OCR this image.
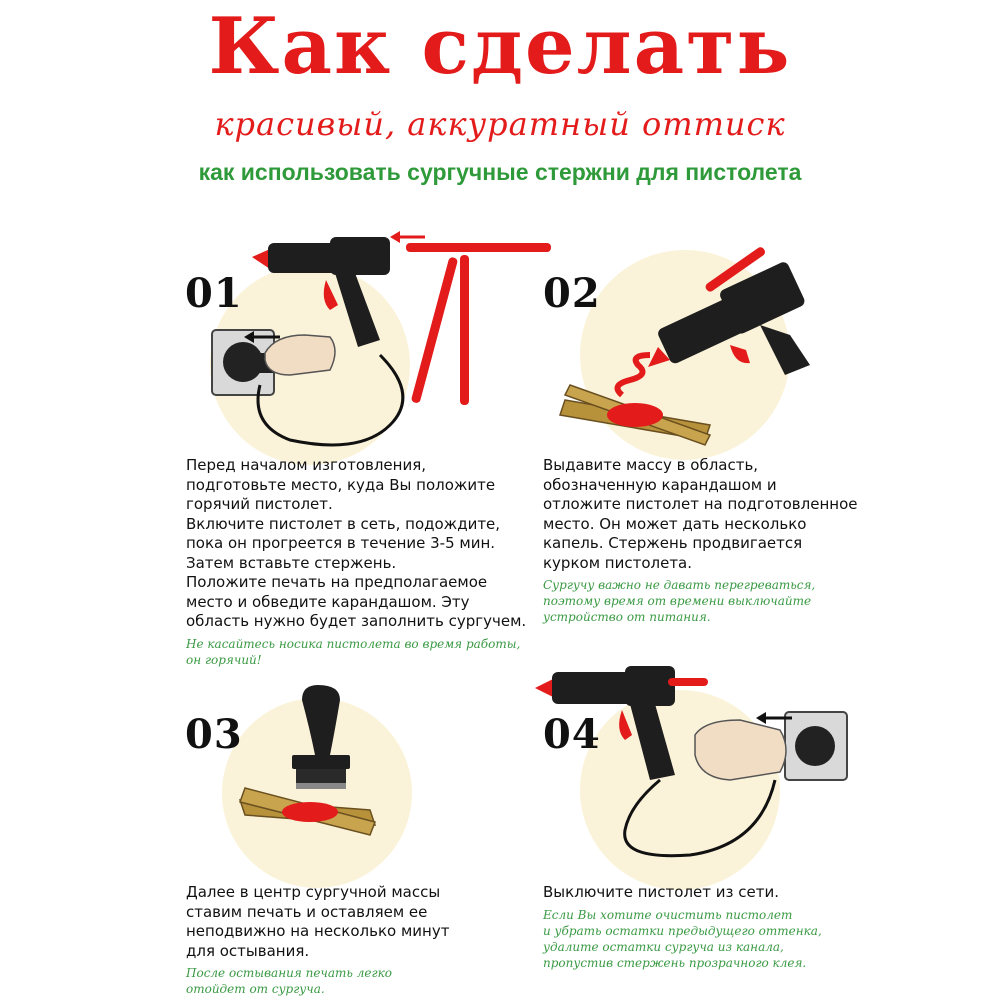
Как сделать
красивый, аккуратный оттиск
как использовать сургучные стержни для пистолета
01
Перед началом изготовления,
подготовьте место, куда Вы положите
горячий пистолет.
Включите пистолет в сеть, подождите,
пока он прогреется в течение 3-5 мин.
Затем вставьте стержень.
Положите печать на предполагаемое
место и обведите карандашом. Эту
область нужно будет заполнить сургучем.
Не касайтесь носика пистолета во время работы,
он горячий!
02
Выдавите массу в область,
обозначенную карандашом и
отложите пистолет на подготовленное
место. Он может дать несколько
капель. Стержень продвигается
курком пистолета.
Сургучу важно не давать перегреваться,
поэтому время от времени выключайте
устройство от питания.
03
Далее в центр сургучной массы
ставим печать и оставляем ее
неподвижно на несколько минут
для остывания.
После остывания печать легко
отойдет от сургуча.
04
Выключите пистолет из сети.
Если Вы хотите очистить пистолет
и убрать остатки предыдущего оттенка,
удалите остатки сургуча из канала,
пропустив стержень прозрачного клея.
